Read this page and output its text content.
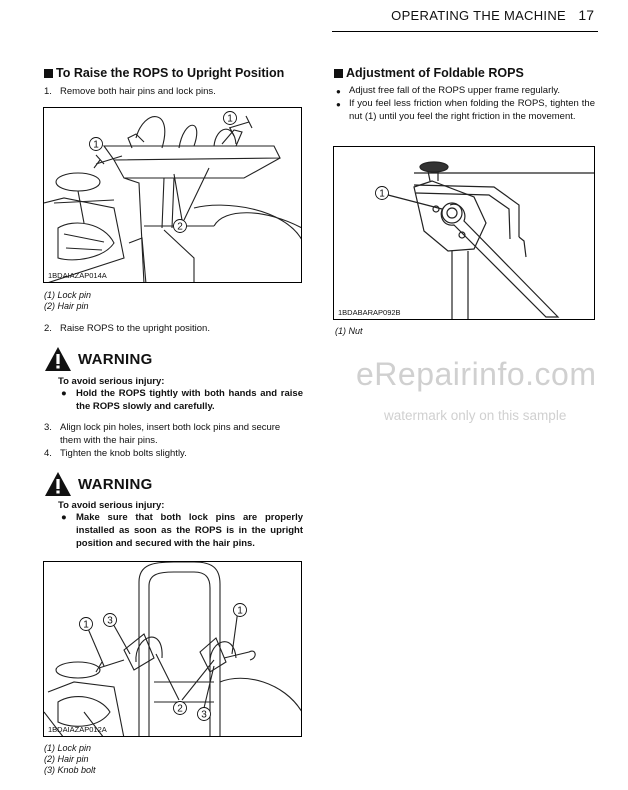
OPERATING THE MACHINE 17
To Raise the ROPS to Upright Position
1. Remove both hair pins and lock pins.
1
1
2
1BDAIAZAP014A
(1) Lock pin
(2) Hair pin
2. Raise ROPS to the upright position.
WARNING
To avoid serious injury:
● Hold the ROPS tightly with both hands and raise the ROPS slowly and carefully.
3. Align lock pin holes, insert both lock pins and secure them with the hair pins.
4. Tighten the knob bolts slightly.
WARNING
To avoid serious injury:
● Make sure that both lock pins are properly installed as soon as the ROPS is in the upright position and secured with the hair pins.
1 3
1
2
3
1BDAIAZAP012A
(1) Lock pin
(2) Hair pin
(3) Knob bolt
Adjustment of Foldable ROPS
● Adjust free fall of the ROPS upper frame regularly.
● If you feel less friction when folding the ROPS, tighten the nut (1) until you feel the right friction in the movement.
1
1BDABARAP092B
(1) Nut
eRepairinfo.com
watermark only on this sample
